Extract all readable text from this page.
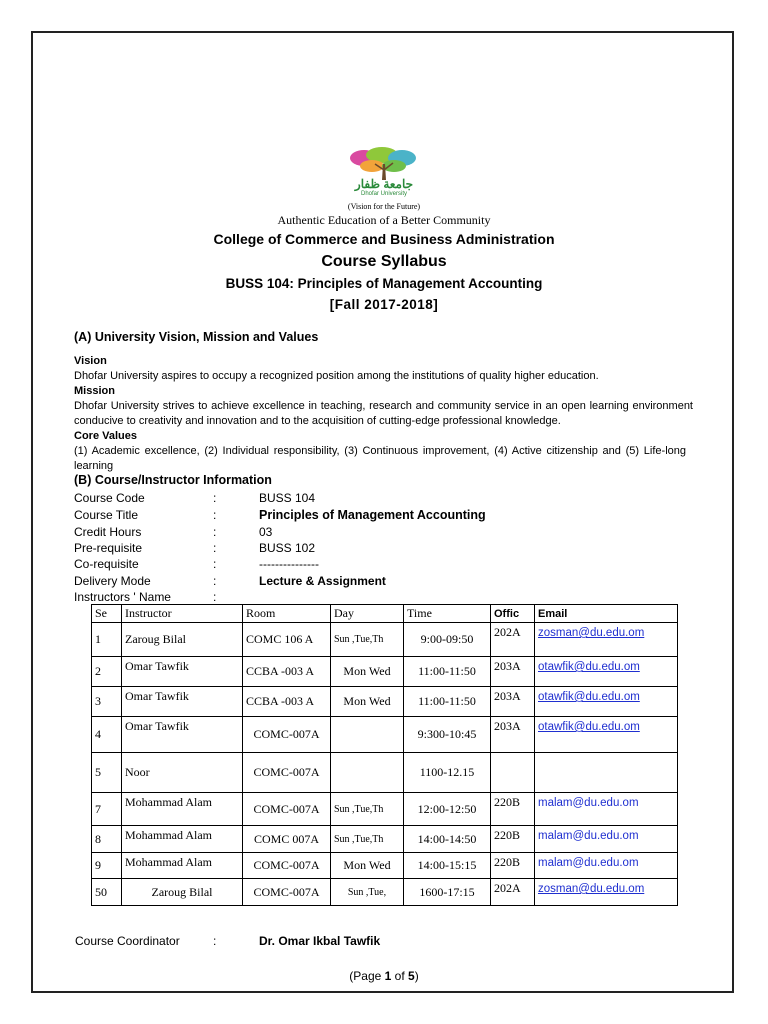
جامعة ظفار
Dhofar University
(Vision for the Future)
Authentic Education of a Better Community
College of Commerce and Business Administration
Course Syllabus
BUSS 104: Principles of Management Accounting
[Fall 2017-2018]
(A) University Vision, Mission and Values
Vision
Dhofar University aspires to occupy a recognized position among the institutions of quality higher education.
Mission
Dhofar University strives to achieve excellence in teaching, research and community service in an open learning environment conducive to creativity and innovation and to the acquisition of cutting-edge professional knowledge.
Core Values
(1) Academic excellence, (2) Individual responsibility, (3) Continuous improvement, (4) Active citizenship and (5) Life-long learning
(B) Course/Instructor Information
Course Code	:	BUSS 104
Course Title	:	Principles of Management Accounting
Credit Hours	:	03
Pre-requisite	:	BUSS 102
Co-requisite	:	---------------
Delivery Mode	:	Lecture & Assignment
Instructors ' Name	:
Se	Instructor	Room	Day	Time	Offic	Email
1	Zaroug Bilal	COMC 106 A	Sun ,Tue,Th	9:00-09:50	202A	zosman@du.edu.om
2	Omar Tawfik	CCBA -003 A	Mon Wed	11:00-11:50	203A	otawfik@du.edu.om
3	Omar Tawfik	CCBA -003 A	Mon Wed	11:00-11:50	203A	otawfik@du.edu.om
4	Omar Tawfik	COMC-007A		9:300-10:45	203A	otawfik@du.edu.om
5	Noor	COMC-007A		1100-12.15		
7	Mohammad Alam	COMC-007A	Sun ,Tue,Th	12:00-12:50	220B	malam@du.edu.om
8	Mohammad Alam	COMC 007A	Sun ,Tue,Th	14:00-14:50	220B	malam@du.edu.om
9	Mohammad Alam	COMC-007A	Mon Wed	14:00-15:15	220B	malam@du.edu.om
50	Zaroug Bilal	COMC-007A	Sun ,Tue,	1600-17:15	202A	zosman@du.edu.om
Course Coordinator	:	Dr. Omar Ikbal Tawfik
(Page 1 of 5)
